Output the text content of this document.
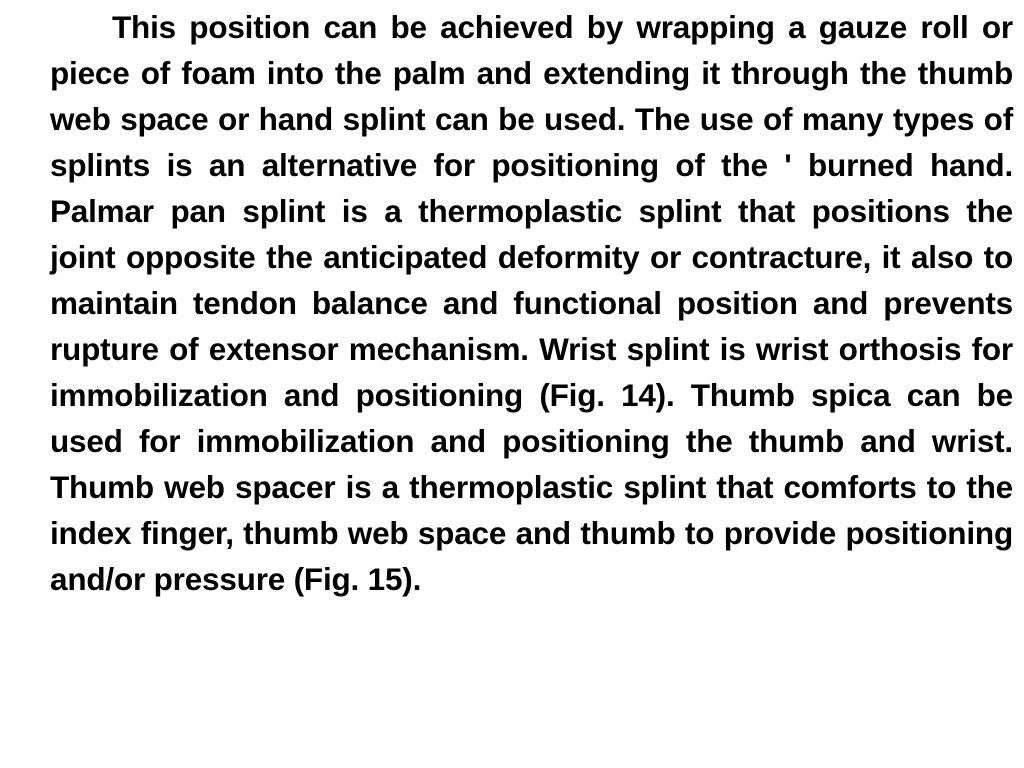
This position can be achieved by wrapping a gauze roll or piece of foam into the palm and extending it through the thumb web space or hand splint can be used. The use of many types of splints is an alternative for positioning of the ' burned hand. Palmar pan splint is a thermoplastic splint that positions the joint opposite the anticipated deformity or contracture, it also to maintain tendon balance and functional position and prevents rupture of extensor mechanism. Wrist splint is wrist orthosis for immobilization and positioning (Fig. 14). Thumb spica can be used for immobilization and positioning the thumb and wrist. Thumb web spacer is a thermoplastic splint that comforts to the index finger, thumb web space and thumb to provide positioning and/or pressure (Fig. 15).
